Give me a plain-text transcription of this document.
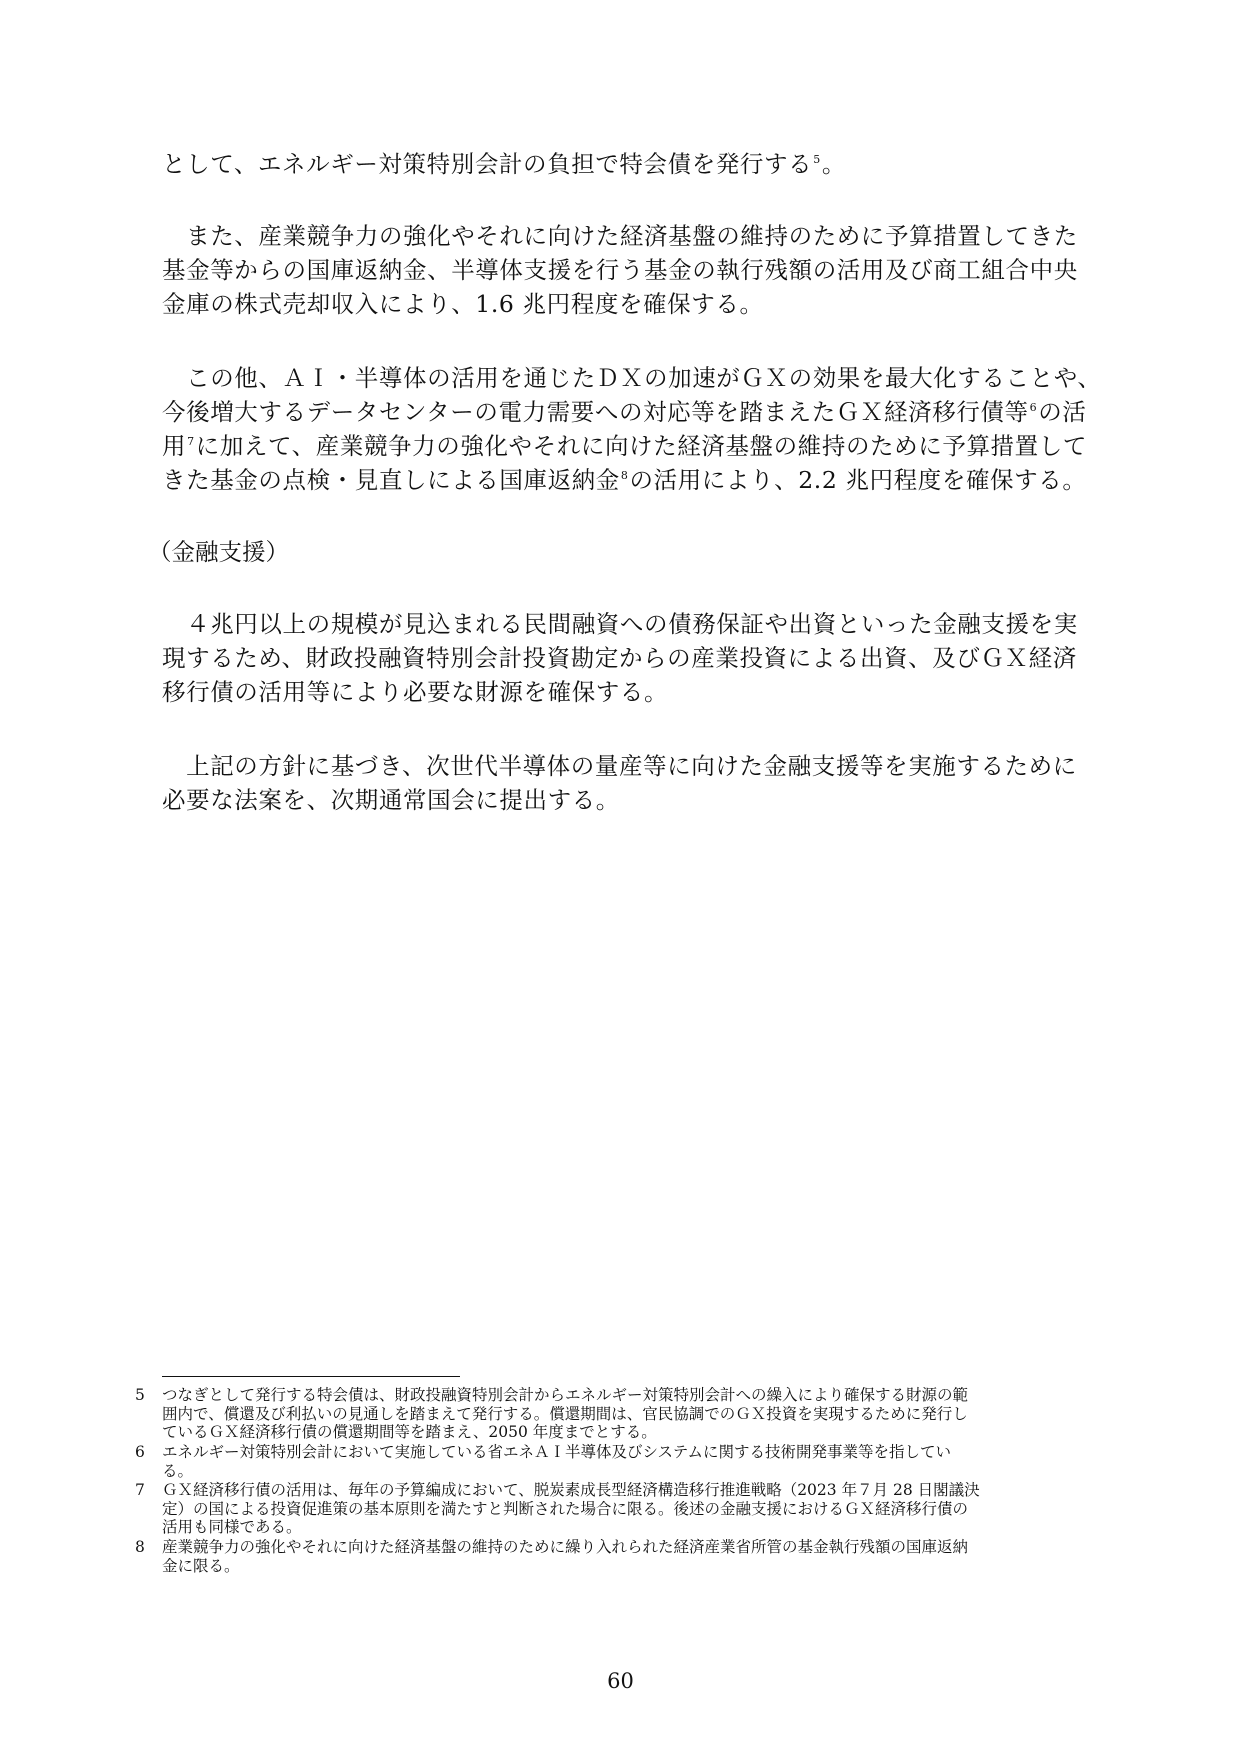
として、エネルギー対策特別会計の負担で特会債を発行する$^5$。
　また、産業競争力の強化やそれに向けた経済基盤の維持のために予算措置してきた
基金等からの国庫返納金、半導体支援を行う基金の執行残額の活用及び商工組合中央
金庫の株式売却収入により、1.6 兆円程度を確保する。
　この他、ＡＩ・半導体の活用を通じたＤＸの加速がＧＸの効果を最大化することや、
今後増大するデータセンターの電力需要への対応等を踏まえたＧＸ経済移行債等$^6$の活
用$^7$に加えて、産業競争力の強化やそれに向けた経済基盤の維持のために予算措置して
きた基金の点検・見直しによる国庫返納金$^8$の活用により、2.2 兆円程度を確保する。
（金融支援）
　４兆円以上の規模が見込まれる民間融資への債務保証や出資といった金融支援を実
現するため、財政投融資特別会計投資勘定からの産業投資による出資、及びＧＸ経済
移行債の活用等により必要な財源を確保する。
　上記の方針に基づき、次世代半導体の量産等に向けた金融支援等を実施するために
必要な法案を、次期通常国会に提出する。
5	つなぎとして発行する特会債は、財政投融資特別会計からエネルギー対策特別会計への繰入により確保する財源の範
囲内で、償還及び利払いの見通しを踏まえて発行する。償還期間は、官民協調でのＧＸ投資を実現するために発行し
ているＧＸ経済移行債の償還期間等を踏まえ、2050 年度までとする。
6	エネルギー対策特別会計において実施している省エネＡＩ半導体及びシステムに関する技術開発事業等を指してい
る。
7	ＧＸ経済移行債の活用は、毎年の予算編成において、脱炭素成長型経済構造移行推進戦略（2023 年７月 28 日閣議決
定）の国による投資促進策の基本原則を満たすと判断された場合に限る。後述の金融支援におけるＧＸ経済移行債の
活用も同様である。
8	産業競争力の強化やそれに向けた経済基盤の維持のために繰り入れられた経済産業省所管の基金執行残額の国庫返納
金に限る。
60
